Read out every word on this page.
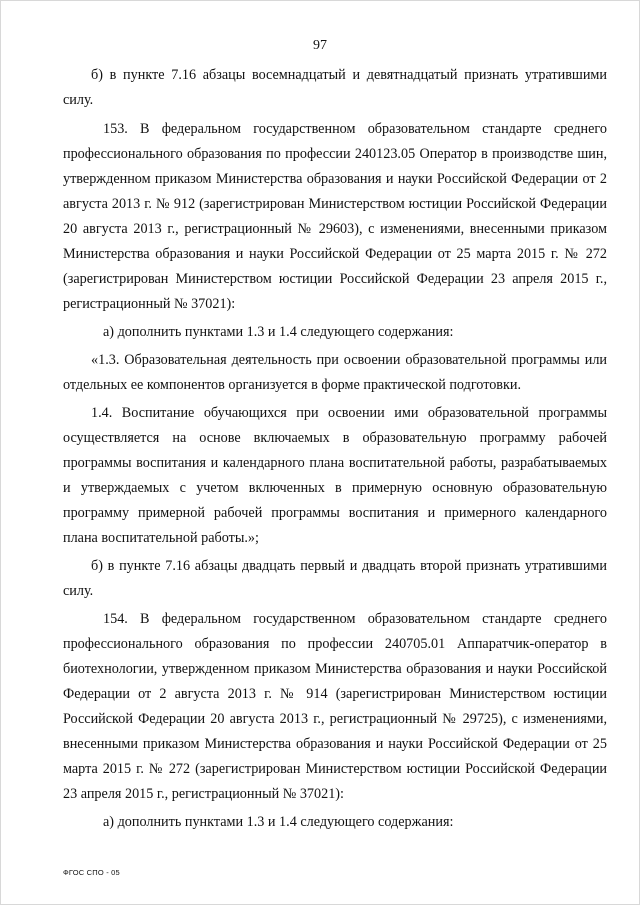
97

б) в пункте 7.16 абзацы восемнадцатый и девятнадцатый признать утратившими силу.

153. В федеральном государственном образовательном стандарте среднего профессионального образования по профессии 240123.05 Оператор в производстве шин, утвержденном приказом Министерства образования и науки Российской Федерации от 2 августа 2013 г. № 912 (зарегистрирован Министерством юстиции Российской Федерации 20 августа 2013 г., регистрационный № 29603), с изменениями, внесенными приказом Министерства образования и науки Российской Федерации от 25 марта 2015 г. № 272 (зарегистрирован Министерством юстиции Российской Федерации 23 апреля 2015 г., регистрационный № 37021):

а) дополнить пунктами 1.3 и 1.4 следующего содержания:

«1.3. Образовательная деятельность при освоении образовательной программы или отдельных ее компонентов организуется в форме практической подготовки.

1.4. Воспитание обучающихся при освоении ими образовательной программы осуществляется на основе включаемых в образовательную программу рабочей программы воспитания и календарного плана воспитательной работы, разрабатываемых и утверждаемых с учетом включенных в примерную основную образовательную программу примерной рабочей программы воспитания и примерного календарного плана воспитательной работы.»;

б) в пункте 7.16 абзацы двадцать первый и двадцать второй признать утратившими силу.

154. В федеральном государственном образовательном стандарте среднего профессионального образования по профессии 240705.01 Аппаратчик-оператор в биотехнологии, утвержденном приказом Министерства образования и науки Российской Федерации от 2 августа 2013 г. № 914 (зарегистрирован Министерством юстиции Российской Федерации 20 августа 2013 г., регистрационный № 29725), с изменениями, внесенными приказом Министерства образования и науки Российской Федерации от 25 марта 2015 г. № 272 (зарегистрирован Министерством юстиции Российской Федерации 23 апреля 2015 г., регистрационный № 37021):

а) дополнить пунктами 1.3 и 1.4 следующего содержания:

ФГОС СПО - 05
